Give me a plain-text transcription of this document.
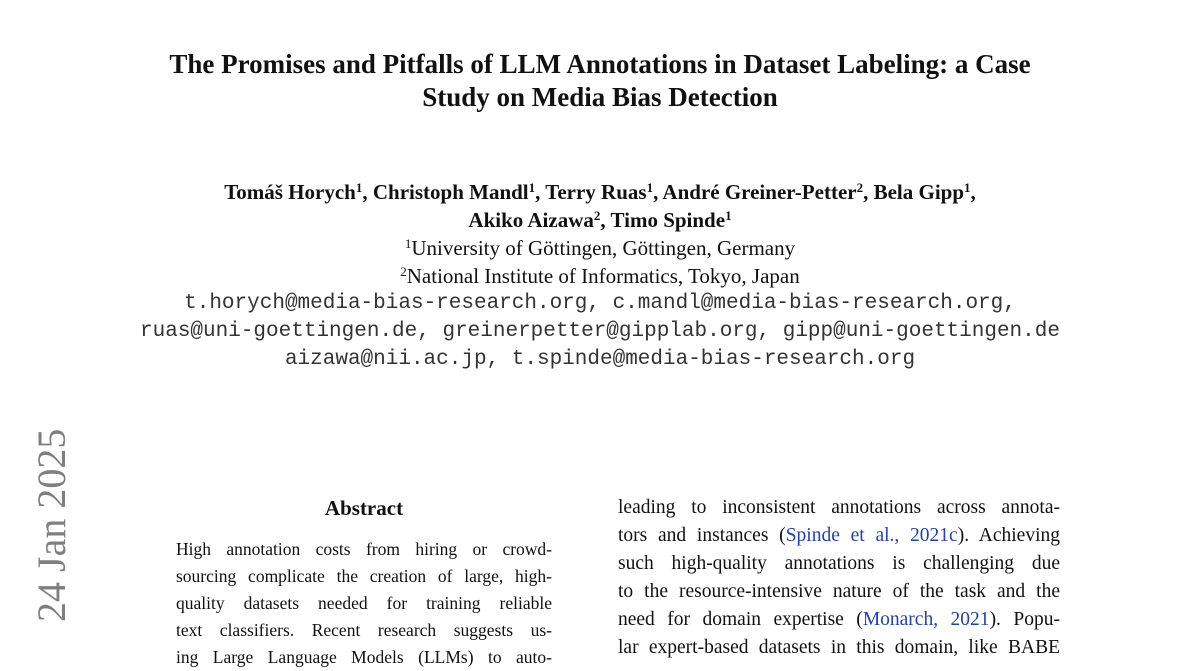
The Promises and Pitfalls of LLM Annotations in Dataset Labeling: a Case
Study on Media Bias Detection
Tomáš Horych$^1$, Christoph Mandl$^1$, Terry Ruas$^1$, André Greiner-Petter$^2$, Bela Gipp$^1$,
Akiko Aizawa$^2$, Timo Spinde$^1$
$^1$University of Göttingen, Göttingen, Germany
$^2$National Institute of Informatics, Tokyo, Japan
t.horych@media-bias-research.org, c.mandl@media-bias-research.org,
ruas@uni-goettingen.de, greinerpetter@gipplab.org, gipp@uni-goettingen.de
aizawa@nii.ac.jp, t.spinde@media-bias-research.org
24 Jan 2025	Abstract
High annotation costs from hiring or crowd-
sourcing complicate the creation of large, high-
quality datasets needed for training reliable
text classifiers. Recent research suggests us-
ing Large Language Models (LLMs) to auto-
leading to inconsistent annotations across annota-
tors and instances (Spinde et al., 2021c). Achieving
such high-quality annotations is challenging due
to the resource-intensive nature of the task and the
need for domain expertise (Monarch, 2021). Popu-
lar expert-based datasets in this domain, like BABE
